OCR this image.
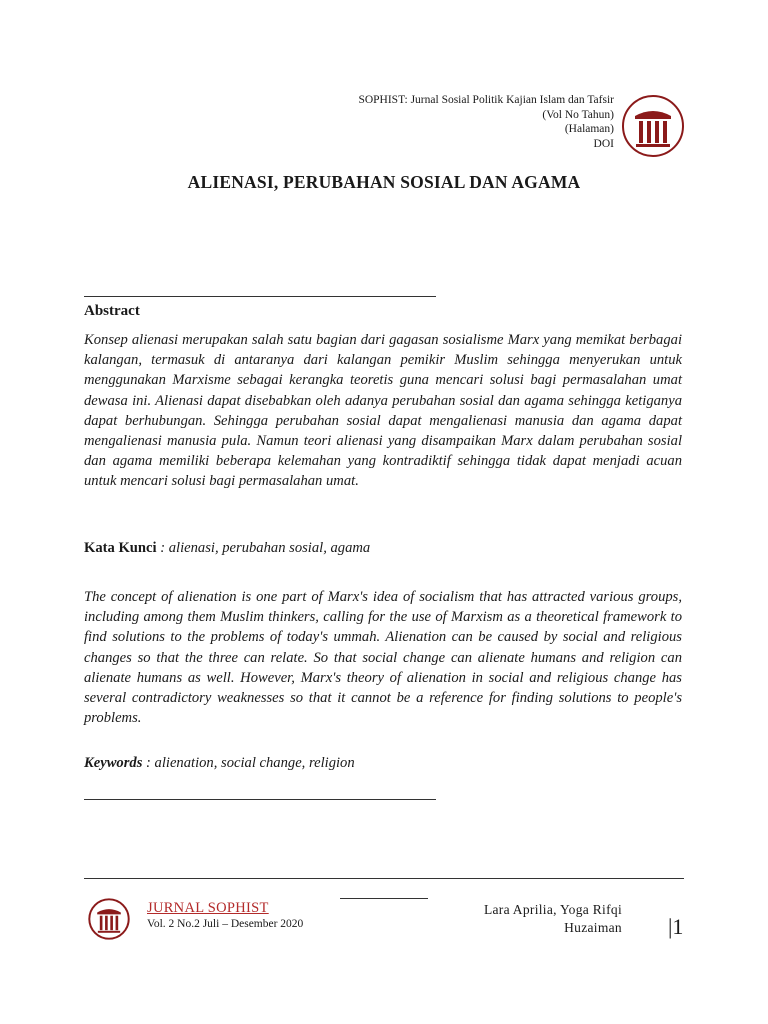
SOPHIST: Jurnal Sosial Politik Kajian Islam dan Tafsir
(Vol No Tahun)
(Halaman)
DOI
ALIENASI, PERUBAHAN SOSIAL DAN AGAMA
Abstract
Konsep alienasi merupakan salah satu bagian dari gagasan sosialisme Marx yang memikat berbagai kalangan, termasuk di antaranya dari kalangan pemikir Muslim sehingga menyerukan untuk menggunakan Marxisme sebagai kerangka teoretis guna mencari solusi bagi permasalahan umat dewasa ini. Alienasi dapat disebabkan oleh adanya perubahan sosial dan agama sehingga ketiganya dapat berhubungan. Sehingga perubahan sosial dapat mengalienasi manusia dan agama dapat mengalienasi manusia pula. Namun teori alienasi yang disampaikan Marx dalam perubahan sosial dan agama memiliki beberapa kelemahan yang kontradiktif sehingga tidak dapat menjadi acuan untuk mencari solusi bagi permasalahan umat.
Kata Kunci : alienasi, perubahan sosial, agama
The concept of alienation is one part of Marx's idea of socialism that has attracted various groups, including among them Muslim thinkers, calling for the use of Marxism as a theoretical framework to find solutions to the problems of today's ummah. Alienation can be caused by social and religious changes so that the three can relate. So that social change can alienate humans and religion can alienate humans as well. However, Marx's theory of alienation in social and religious change has several contradictory weaknesses so that it cannot be a reference for finding solutions to people's problems.
Keywords : alienation, social change, religion
JURNAL SOPHIST
Vol. 2 No.2 Juli – Desember 2020
Lara Aprilia, Yoga Rifqi
Huzaiman |1
